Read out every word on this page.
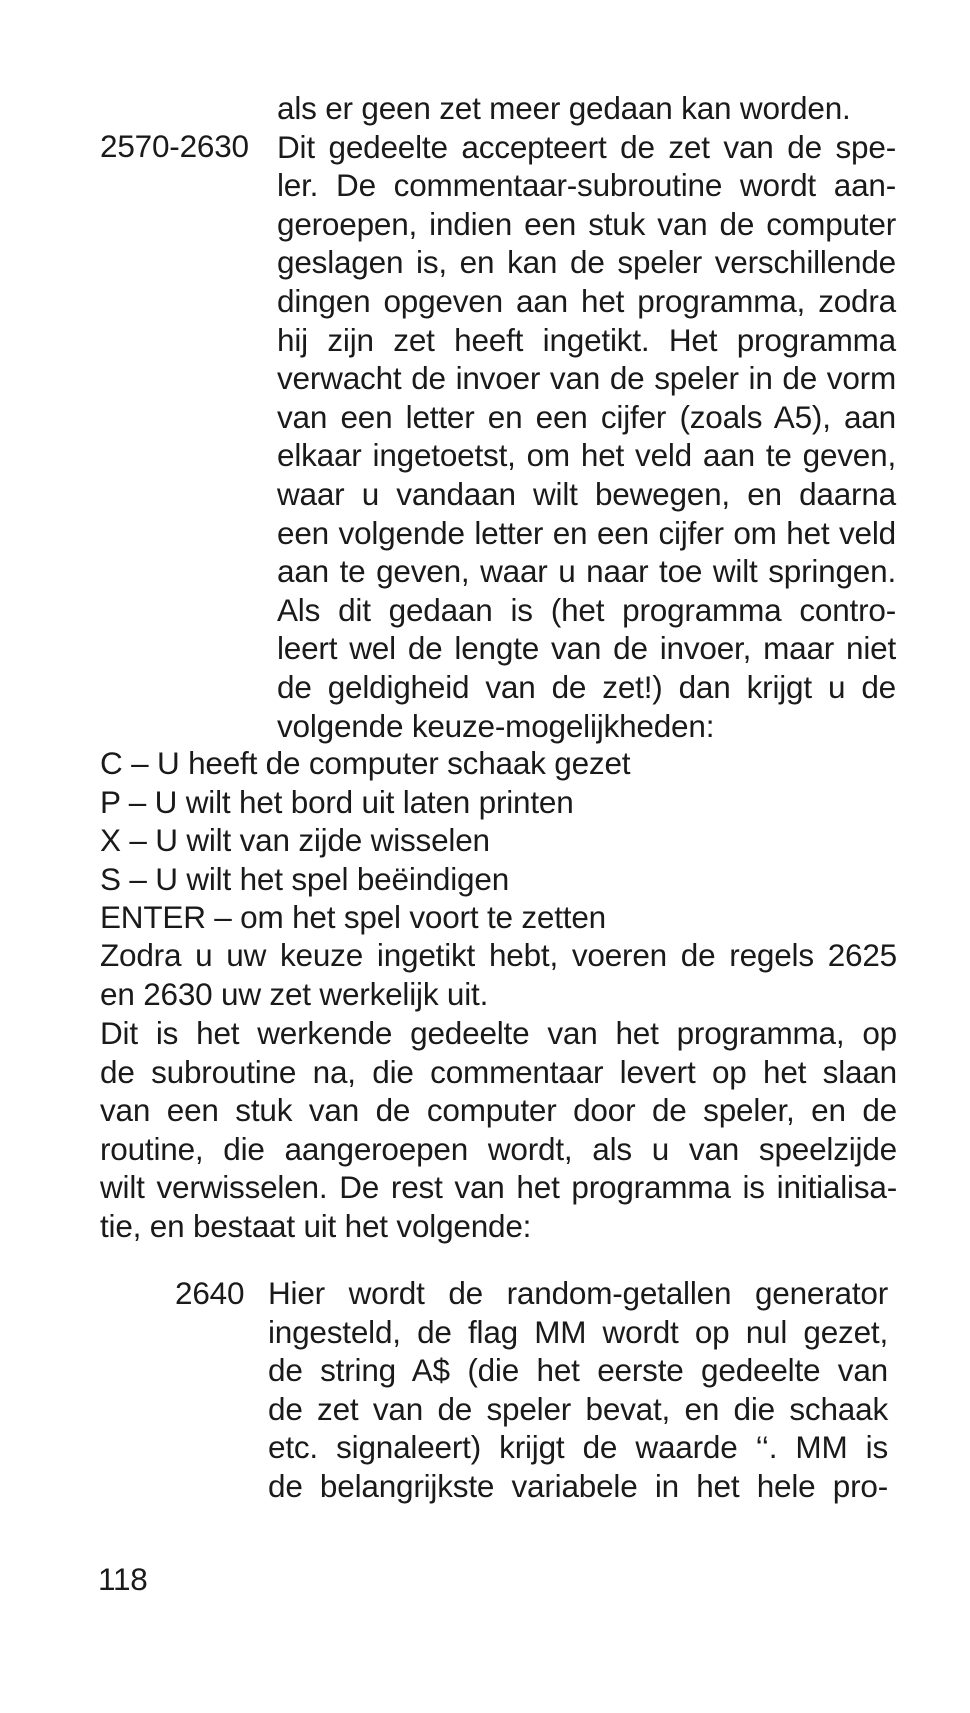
2570-2630
als er geen zet meer gedaan kan worden.
Dit gedeelte accepteert de zet van de spe-
ler. De commentaar-subroutine wordt aan-
geroepen, indien een stuk van de computer
geslagen is, en kan de speler verschillende
dingen opgeven aan het programma, zodra
hij zijn zet heeft ingetikt. Het programma
verwacht de invoer van de speler in de vorm
van een letter en een cijfer (zoals A5), aan
elkaar ingetoetst, om het veld aan te geven,
waar u vandaan wilt bewegen, en daarna
een volgende letter en een cijfer om het veld
aan te geven, waar u naar toe wilt springen.
Als dit gedaan is (het programma contro-
leert wel de lengte van de invoer, maar niet
de geldigheid van de zet!) dan krijgt u de
volgende keuze-mogelijkheden:
C – U heeft de computer schaak gezet
P – U wilt het bord uit laten printen
X – U wilt van zijde wisselen
S – U wilt het spel beëindigen
ENTER – om het spel voort te zetten
Zodra u uw keuze ingetikt hebt, voeren de regels 2625
en 2630 uw zet werkelijk uit.
Dit is het werkende gedeelte van het programma, op
de subroutine na, die commentaar levert op het slaan
van een stuk van de computer door de speler, en de
routine, die aangeroepen wordt, als u van speelzijde
wilt verwisselen. De rest van het programma is initialisa-
tie, en bestaat uit het volgende:
2640 Hier wordt de random-getallen generator
ingesteld, de flag MM wordt op nul gezet,
de string A$ (die het eerste gedeelte van
de zet van de speler bevat, en die schaak
etc. signaleert) krijgt de waarde ‘‘. MM is
de belangrijkste variabele in het hele pro-
118
